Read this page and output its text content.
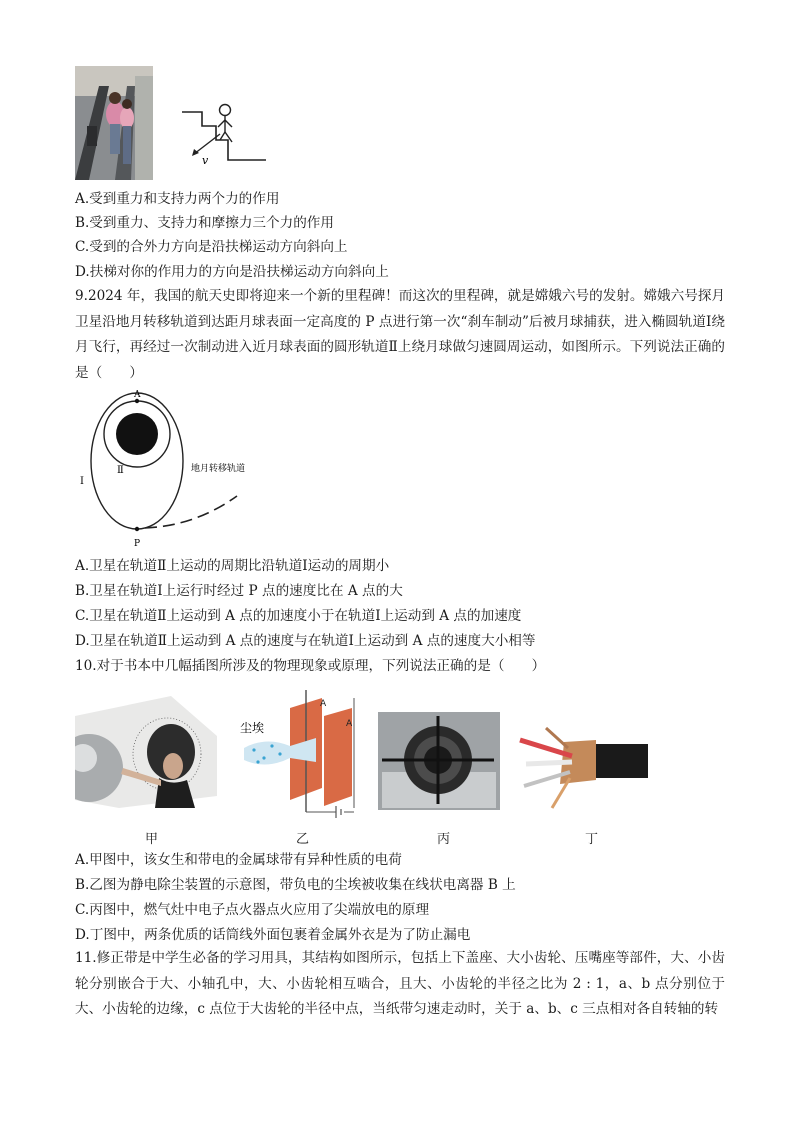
v
A.受到重力和支持力两个力的作用
B.受到重力、支持力和摩擦力三个力的作用
C.受到的合外力方向是沿扶梯运动方向斜向上
D.扶梯对你的作用力的方向是沿扶梯运动方向斜向上
9.2024 年，我国的航天史即将迎来一个新的里程碑！而这次的里程碑，就是嫦娥六号的发射。嫦娥六号探月卫星沿地月转移轨道到达距月球表面一定高度的 P 点进行第一次“刹车制动”后被月球捕获，进入椭圆轨道Ⅰ绕月飞行，再经过一次制动进入近月球表面的圆形轨道Ⅱ上绕月球做匀速圆周运动，如图所示。下列说法正确的是（　　）
A
P
Ⅰ
Ⅱ	地月转移轨道
A.卫星在轨道Ⅱ上运动的周期比沿轨道Ⅰ运动的周期小
B.卫星在轨道Ⅰ上运行时经过 P 点的速度比在 A 点的大
C.卫星在轨道Ⅱ上运动到 A 点的加速度小于在轨道Ⅰ上运动到 A 点的加速度
D.卫星在轨道Ⅱ上运动到 A 点的速度与在轨道Ⅰ上运动到 A 点的速度大小相等
10.对于书本中几幅插图所涉及的物理现象或原理，下列说法正确的是（　　）
尘埃
A
A
甲	乙	丙	丁
A.甲图中，该女生和带电的金属球带有异种性质的电荷
B.乙图为静电除尘装置的示意图，带负电的尘埃被收集在线状电离器 B 上
C.丙图中，燃气灶中电子点火器点火应用了尖端放电的原理
D.丁图中，两条优质的话筒线外面包裹着金属外衣是为了防止漏电
11.修正带是中学生必备的学习用具，其结构如图所示，包括上下盖座、大小齿轮、压嘴座等部件，大、小齿轮分别嵌合于大、小轴孔中，大、小齿轮相互啮合，且大、小齿轮的半径之比为 2 : 1，a、b 点分别位于大、小齿轮的边缘，c 点位于大齿轮的半径中点，当纸带匀速走动时，关于 a、b、c 三点相对各自转轴的转
